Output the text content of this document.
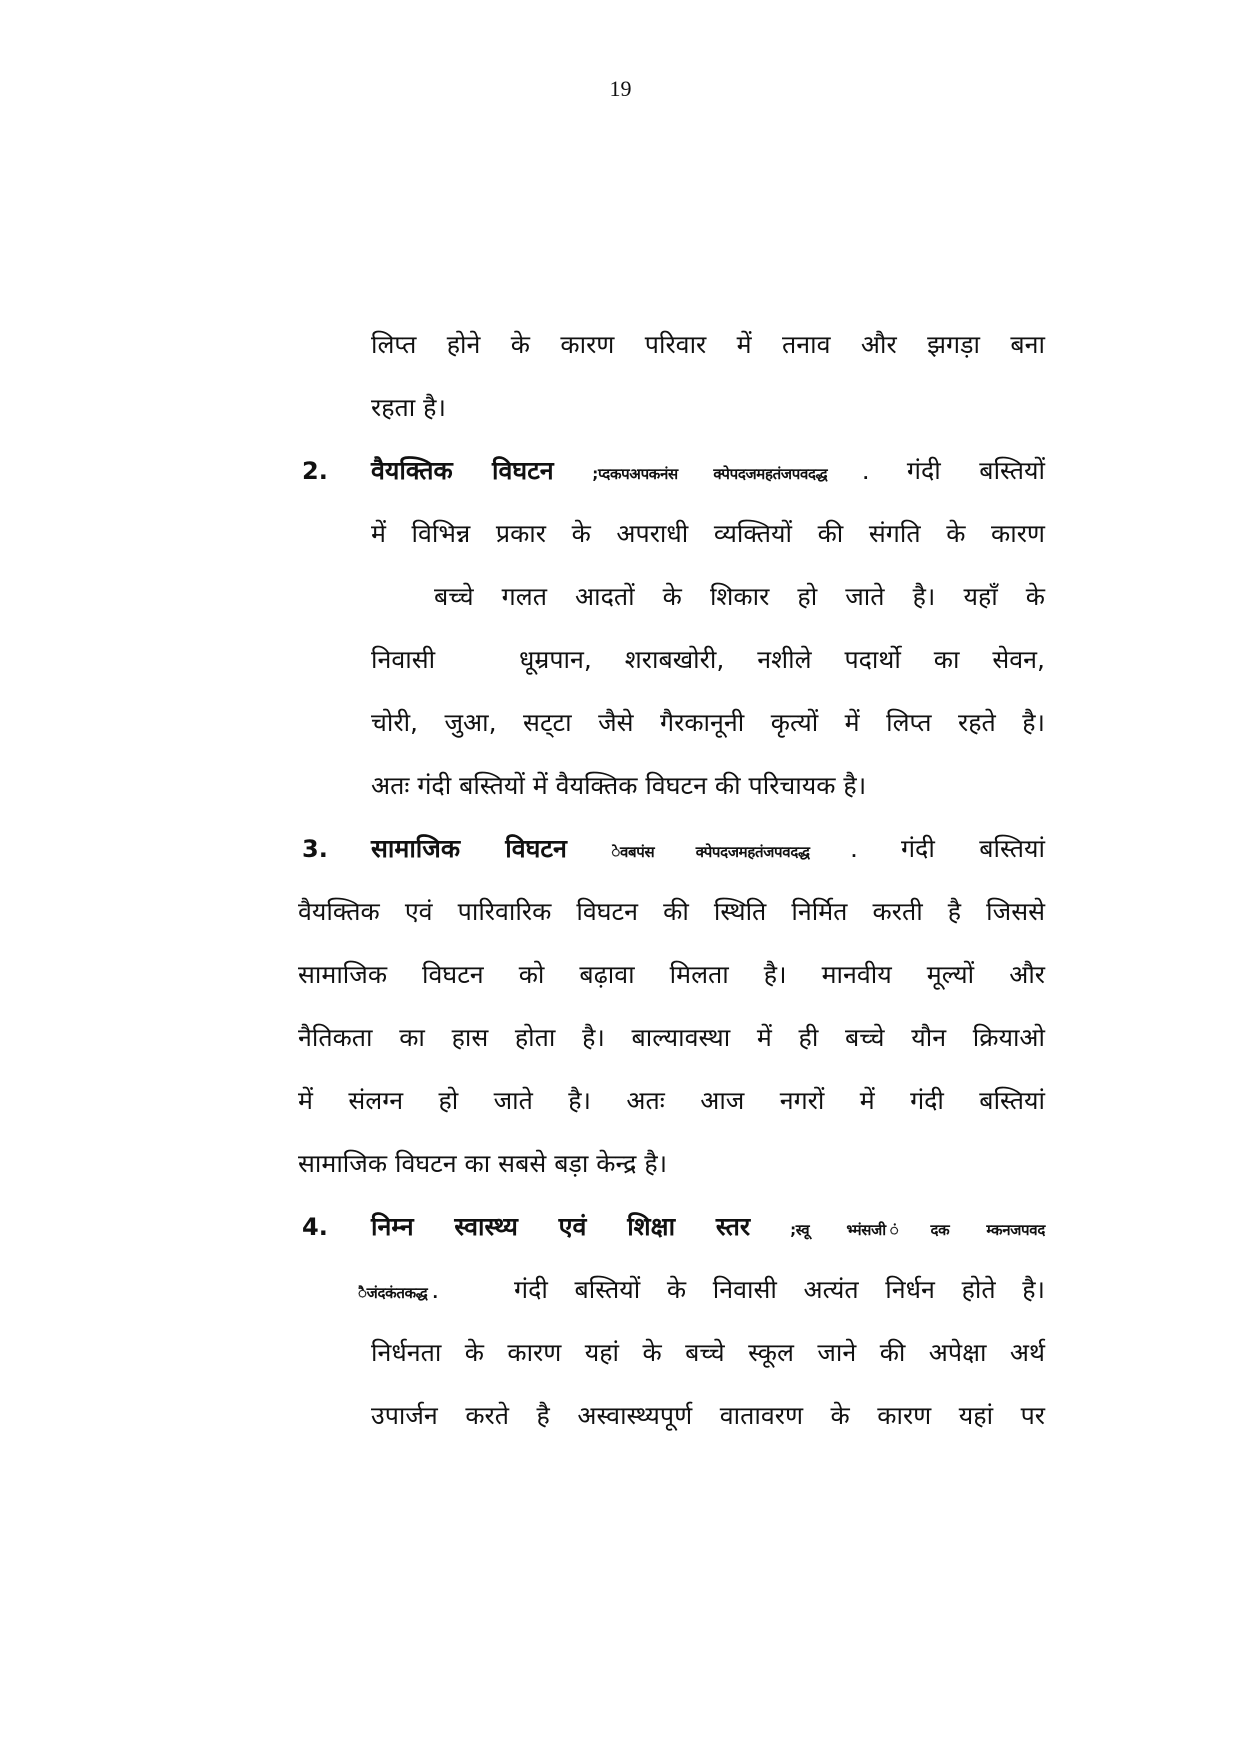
19
लिप्त होने के कारण परिवार में तनाव और झगड़ा बना
रहता है।
2. वैयक्तिक विघटन	;प्दकपअपकनंस क्पेपदजमहतंजपवदद्ध . गंदी बस्तियों
में विभिन्न प्रकार के अपराधी व्यक्तियों की संगति के कारण
बच्चे गलत आदतों के शिकार हो जाते है। यहाँ के
निवासी	धूम्रपान, शराबखोरी, नशीले पदार्थो का सेवन,
चोरी, जुआ, सट्‌टा जैसे गैरकानूनी कृत्यों में लिप्त रहते है।
अतः गंदी बस्तियों में वैयक्तिक विघटन की परिचायक है।
3. सामाजिक विघटन	ेवबपंस क्पेपदजमहतंजपवदद्ध . गंदी बस्तियां
वैयक्तिक एवं पारिवारिक विघटन की स्थिति निर्मित करती है जिससे
सामाजिक विघटन को बढ़ावा मिलता है। मानवीय मूल्यों और
नैतिकता का हास होता है। बाल्यावस्था में ही बच्चे यौन क्रियाओ
में संलग्न हो जाते है। अतः आज नगरों में गंदी बस्तियां
सामाजिक विघटन का सबसे बड़ा केन्द्र है।
4. निम्न स्वास्थ्य एवं शिक्षा स्तर	;स्वू भ्मंसजी ंदक म्कनजपवद
ैजंदकंतकद्ध .	गंदी बस्तियों के निवासी अत्यंत निर्धन होते है।
निर्धनता के कारण यहां के बच्चे स्कूल जाने की अपेक्षा अर्थ
उपार्जन करते है अस्वास्थ्यपूर्ण वातावरण के कारण यहां पर
